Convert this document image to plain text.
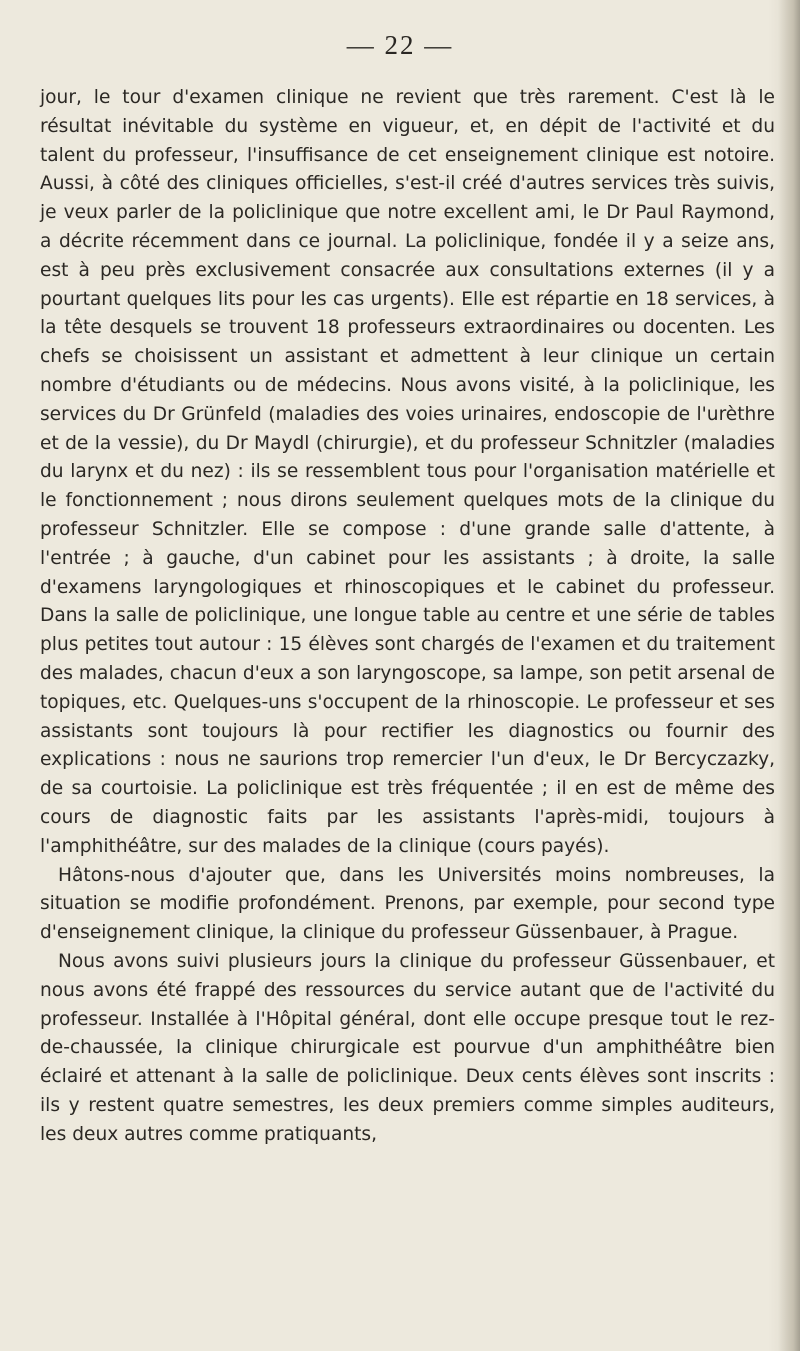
— 22 —

jour, le tour d'examen clinique ne revient que très rarement. C'est là le résultat inévitable du système en vigueur, et, en dépit de l'activité et du talent du professeur, l'insuffisance de cet enseignement clinique est notoire. Aussi, à côté des cliniques officielles, s'est-il créé d'autres services très suivis, je veux parler de la policlinique que notre excellent ami, le Dr Paul Raymond, a décrite récemment dans ce journal. La policlinique, fondée il y a seize ans, est à peu près exclusivement consacrée aux consultations externes (il y a pourtant quelques lits pour les cas urgents). Elle est répartie en 18 services, à la tête desquels se trouvent 18 professeurs extraordinaires ou docenten. Les chefs se choisissent un assistant et admettent à leur clinique un certain nombre d'étudiants ou de médecins. Nous avons visité, à la policlinique, les services du Dr Grünfeld (maladies des voies urinaires, endoscopie de l'urèthre et de la vessie), du Dr Maydl (chirurgie), et du professeur Schnitzler (maladies du larynx et du nez) : ils se ressemblent tous pour l'organisation matérielle et le fonctionnement ; nous dirons seulement quelques mots de la clinique du professeur Schnitzler. Elle se compose : d'une grande salle d'attente, à l'entrée ; à gauche, d'un cabinet pour les assistants ; à droite, la salle d'examens laryngologiques et rhinoscopiques et le cabinet du professeur. Dans la salle de policlinique, une longue table au centre et une série de tables plus petites tout autour : 15 élèves sont chargés de l'examen et du traitement des malades, chacun d'eux a son laryngoscope, sa lampe, son petit arsenal de topiques, etc. Quelques-uns s'occupent de la rhinoscopie. Le professeur et ses assistants sont toujours là pour rectifier les diagnostics ou fournir des explications : nous ne saurions trop remercier l'un d'eux, le Dr Bercyczazky, de sa courtoisie. La policlinique est très fréquentée ; il en est de même des cours de diagnostic faits par les assistants l'après-midi, toujours à l'amphithéâtre, sur des malades de la clinique (cours payés).

Hâtons-nous d'ajouter que, dans les Universités moins nombreuses, la situation se modifie profondément. Prenons, par exemple, pour second type d'enseignement clinique, la clinique du professeur Güssenbauer, à Prague.

Nous avons suivi plusieurs jours la clinique du professeur Güssenbauer, et nous avons été frappé des ressources du service autant que de l'activité du professeur. Installée à l'Hôpital général, dont elle occupe presque tout le rez-de-chaussée, la clinique chirurgicale est pourvue d'un amphithéâtre bien éclairé et attenant à la salle de policlinique. Deux cents élèves sont inscrits : ils y restent quatre semestres, les deux premiers comme simples auditeurs, les deux autres comme pratiquants,
